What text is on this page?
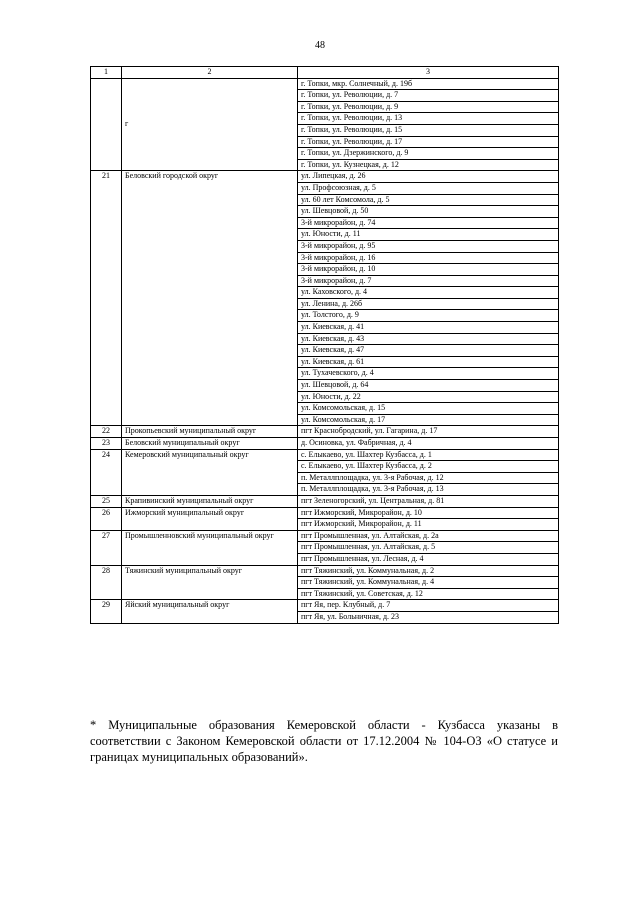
48
1	2	3
	г	г. Топки, мкр. Солнечный, д. 19б
		г. Топки, ул. Революции, д. 7
		г. Топки, ул. Революции, д. 9
		г. Топки, ул. Революции, д. 13
		г. Топки, ул. Революции, д. 15
		г. Топки, ул. Революции, д. 17
		г. Топки, ул. Дзержинского, д. 9
		г. Топки, ул. Кузнецкая, д. 12
21	Беловский городской округ	ул. Липецкая, д. 26
		ул. Профсоюзная, д. 5
		ул. 60 лет Комсомола, д. 5
		ул. Шевцовой, д. 50
		3-й микрорайон, д. 74
		ул. Юности, д. 11
		3-й микрорайон, д. 95
		3-й микрорайон, д. 16
		3-й микрорайон, д. 10
		3-й микрорайон, д. 7
		ул. Каховского, д. 4
		ул. Ленина, д. 26б
		ул. Толстого, д. 9
		ул. Киевская, д. 41
		ул. Киевская, д. 43
		ул. Киевская, д. 47
		ул. Киевская, д. 61
		ул. Тухачевского, д. 4
		ул. Шевцовой, д. 64
		ул. Юности, д. 22
		ул. Комсомольская, д. 15
		ул. Комсомольская, д. 17
22	Прокопьевский муниципальный округ	пгт Краснобродский, ул. Гагарина, д. 17
23	Беловский муниципальный округ	д. Осиновка, ул. Фабричная, д. 4
24	Кемеровский муниципальный округ	с. Елыкаево, ул. Шахтер Кузбасса, д. 1
		с. Елыкаево, ул. Шахтер Кузбасса, д. 2
		п. Металлплощадка, ул. 3-я Рабочая, д. 12
		п. Металлплощадка, ул. 3-я Рабочая, д. 13
25	Крапивинский муниципальный округ	пгт Зеленогорский, ул. Центральная, д. 81
26	Ижморский муниципальный округ	пгт Ижморский, Микрорайон, д. 10
		пгт Ижморский, Микрорайон, д. 11
27	Промышленновский муниципальный округ	пгт Промышленная, ул. Алтайская, д. 2а
		пгт Промышленная, ул. Алтайская, д. 5
		пгт Промышленная, ул. Лесная, д. 4
28	Тяжинский муниципальный округ	пгт Тяжинский, ул. Коммунальная, д. 2
		пгт Тяжинский, ул. Коммунальная, д. 4
		пгт Тяжинский, ул. Советская, д. 12
29	Яйский муниципальный округ	пгт Яя, пер. Клубный, д. 7
		пгт Яя, ул. Больничная, д. 23
* Муниципальные образования Кемеровской области - Кузбасса указаны в соответствии с Законом Кемеровской области от 17.12.2004 № 104-ОЗ «О статусе и границах муниципальных образований».
